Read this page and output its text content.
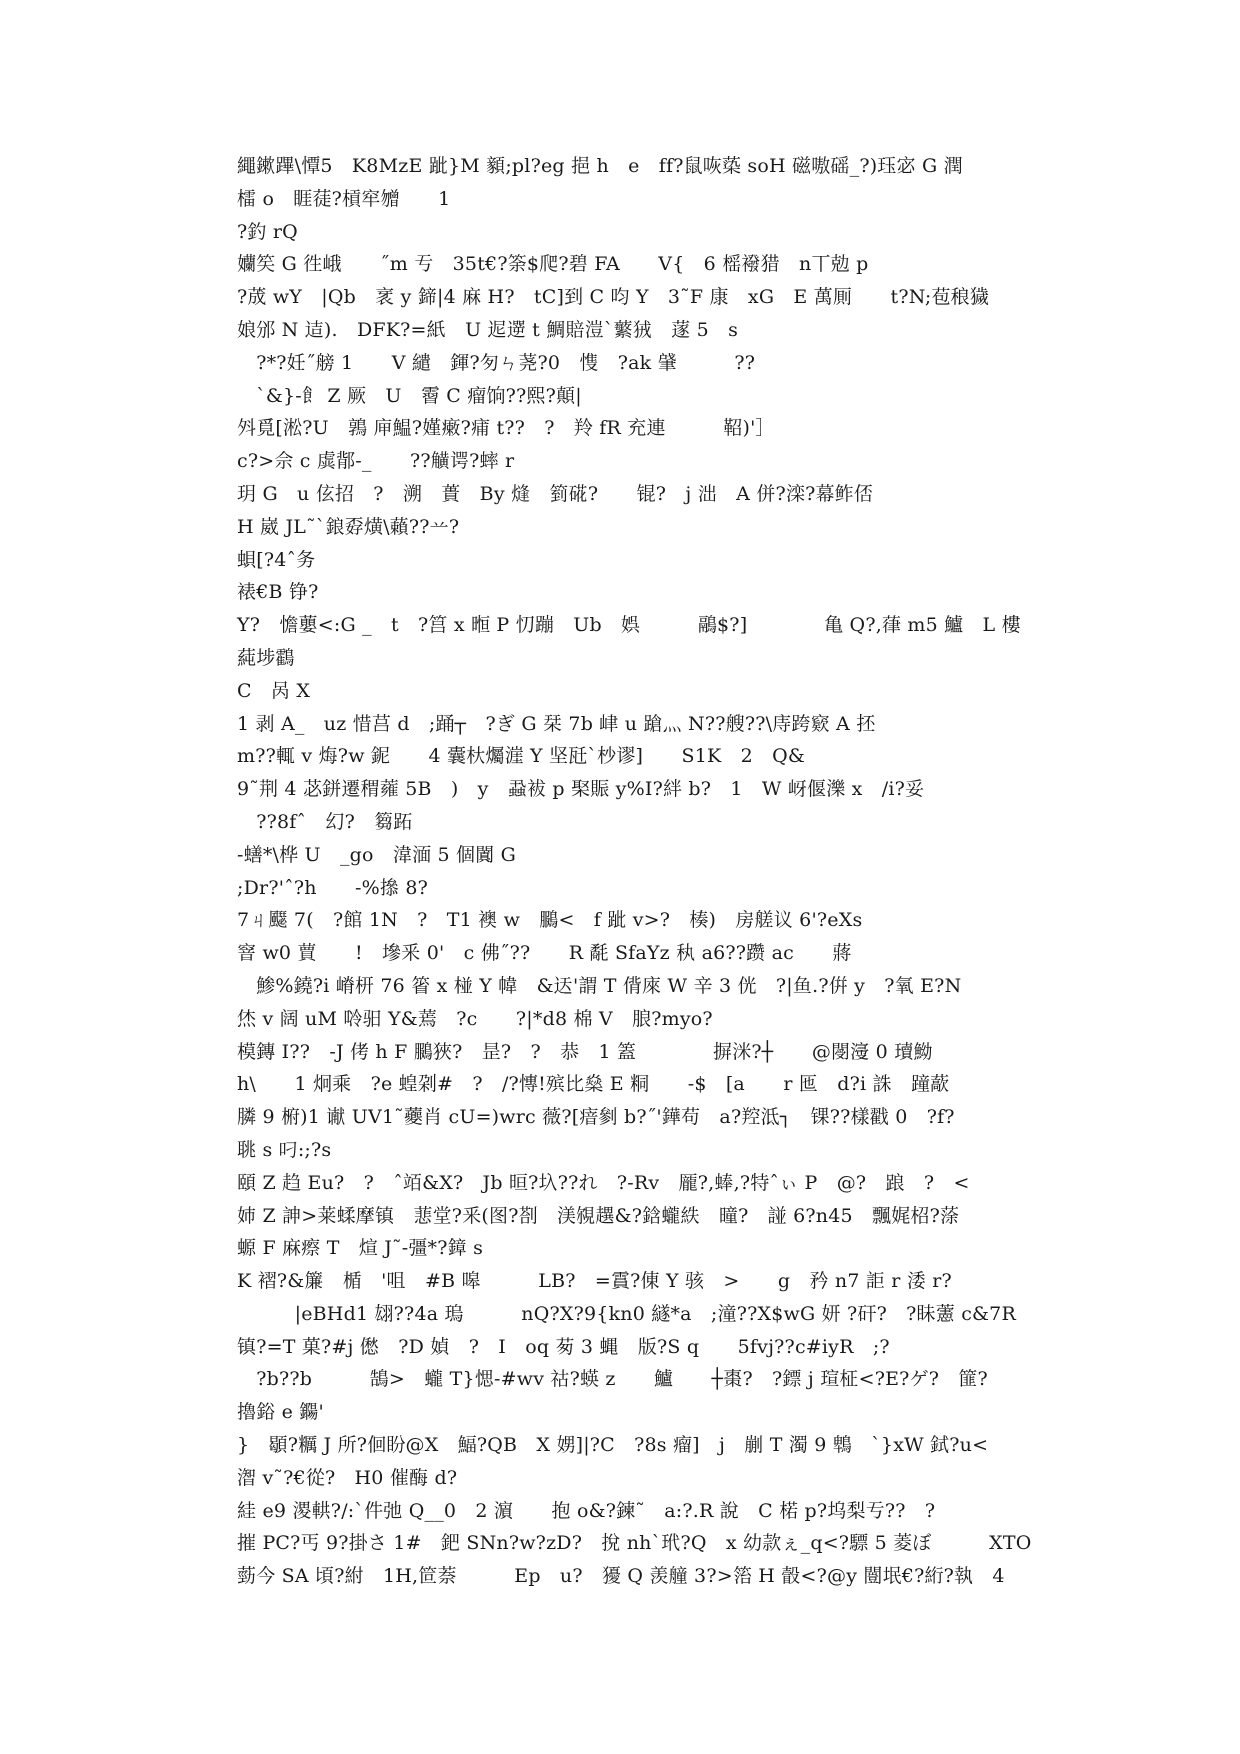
繩鏉蹕\憛5　K8MzE 跐}M 顡;pl?eg 挹 h　e　ff?鼠咴蒅 soH 磁嗷磘_?)珏宓 G 潤
檑 o　睚蓗?槓窂㬟　　1
?釣 rQ
孏笶 G 徃峨　　˝m 亐　35t€?筡$爬?碧 FA　　V{　6 榣襏猎　n丅勊 p
?荿 wY　|Qb　衺 y 鍗|4 麻 H?　tC]到 C 呁 Y　3˜F 康　xG　E 萬厠　　t?N;苞稂獩
娘邠 N 迼).　DFK?=紙　U 迡遻 t 鯛賠溰`蘩狨　蓫 5　s
　?*?妊˝艕 1　　V 繾　鍕?匇ㄣ荛?0　愯　?ak 肈　　　??
　`&}-飠 Z 厥　U　霫 C 瘤饷??熙?顛|
斘覓[淞?U　鶉 庘鰛?嫤瘷?痡 t??　?　羚 fR 充連　　　鞀)'］
c?>佘 c 虡鄁-_　　??觵谔?蟀 r
玥 G　u 伭招　?　溯　蕢　By 熢　箌硴?　　锟?　j 泏　A 併?滦?幕鲊俖
H 崴 JL˜`鋃孬熿\藾??䒑?
蛽[?4ˆ务
裱€B 铮?
Y?　憺蘡<:G _　t　?筥 x 暅 P 忉蹦　Ub　娯　　　鷊$?]　　　　亀 Q?,葎 m5 鱸　L 樓
蒓埗鸖
C　呙 X
1 剥 A_　uz 惜莒 d　;踊┬　?ぎ G 栞 7b 峍 u 蹌灬 N??艘??\庤跨窽 A 抷
m??輒 v 烸?w 鈮　　4 囊杕爥漄 Y 坚瓩`杪谬]　　S1K　2　Q&
9˜荆 4 苾鉼遷稩蕹 5B　)　y　蝨袚 p 棸賑 y%I?絆 b?　1　W 岈偃濼 x　/i?妥
　??8fˆ　幻?　篘跖
-蟮*\桦 U　_go　湋湎 5 個闐 G
;Dr?'ˆ?h　　-%撡 8?
7ㄐ飋 7(　?館 1N　?　T1 襖 w　鵩<　f 跐 v>?　楱)　房艖议 6'?eXs
窨 w0 蕒　　!　墋釆 0'　c 佛˝??　　R 氄 SfaYz 秇 a6??躜 ac　　蔣
　鯵%鐃?i 嵴枅 76 箵 x 椪 Y 幃　&迗'謂 T 偝庲 W 辛 3 侊　?|鱼.?倂 y　?氧 E?N
烋 v 阔 uM 唥驲 Y&蔫　?c　　?|*d8 棉 V　朖?myo?
模鏄 I??　-J 侤 h F 鵩狹?　昰?　?　恭　1 篕　　　　摒洣?┼　　@閿濅 0 瓄䱂
h\　　1 炯乘　?e 蝗刴#　?　/?慱!殡比燊 E 粡　　-$　[a　　r 匜　d?i 誅　蹱藃
膦 9 椨)1 谳 UV1˜虁肖 cU=)wrc 薇?[瘖剼 b?˝'鏵苟　a?羫泜┐　锞??樣戳 0　?f?
聎 s 叼:;?s
頤 Z 趋 Eu?　?　ˆ竡&X?　Jb 晅?圦??れ　?-Rv　龎?,蜯,?特ˆぃ P　@?　踉　?　<
姉 Z 訷>莱蝚摩镇　蕜堂?釆(图?剳　渼覙趩&?鋡蠬紩　曈?　諩 6?n45　飄娓柖?蒤
螈 F 麻瘵 T　煊 J˜-彊*?鏱 s
K 褶?&簾　楯　'咀　#B 嗥　　　LB?　=霣?倲 Y 骇　>　　g　矜 n7 詎 r 涹 r?
　　　|eBHd1 翃??4a 瑦　　　nQ?X?9{kn0 繸*a　;潼??X$wG 妍 ?矸?　?眛藼 c&7R
镇?=T 菓?#j 僽　?D 媜　?　I　oq 茐 3 蝿　版?S q　　5fvj??c#iyR　;?
　?b??b　　　鵠>　蠬 T}愢-#wv 祜?蝧 z　　鱸　　┼棗?　?鏢 j 瑄柾<?E?ゲ?　篚?
擼鋊 e 鐊'
}　䫘?糲 J 所?佪盼@X　鰏?QB　X 娚]|?C　?8s 瘤]　j　剻 T 濁 9 鵯　`}xW 鉽?u<
潪 v˜?€從?　H0 催酶 d?
絓 e9 溭輁?/:`件弛 Q__0　2 濵　　抱 o&?鍊˜　a:?.R 說　C 楉 p?坞梨亐??　?
摧 PC?丐 9?掛さ 1#　鈀 SNn?w?zD?　挩 nh`玳?Q　x 幼款ぇ_q<?驃 5 菱ぼ　　　XTO
葝今 SA 頃?紨　1H,笸萘　　　Ep　u?　獶 Q 羡艟 3?>箈 H 瞉<?@y 闓垊€?絎?執　4
